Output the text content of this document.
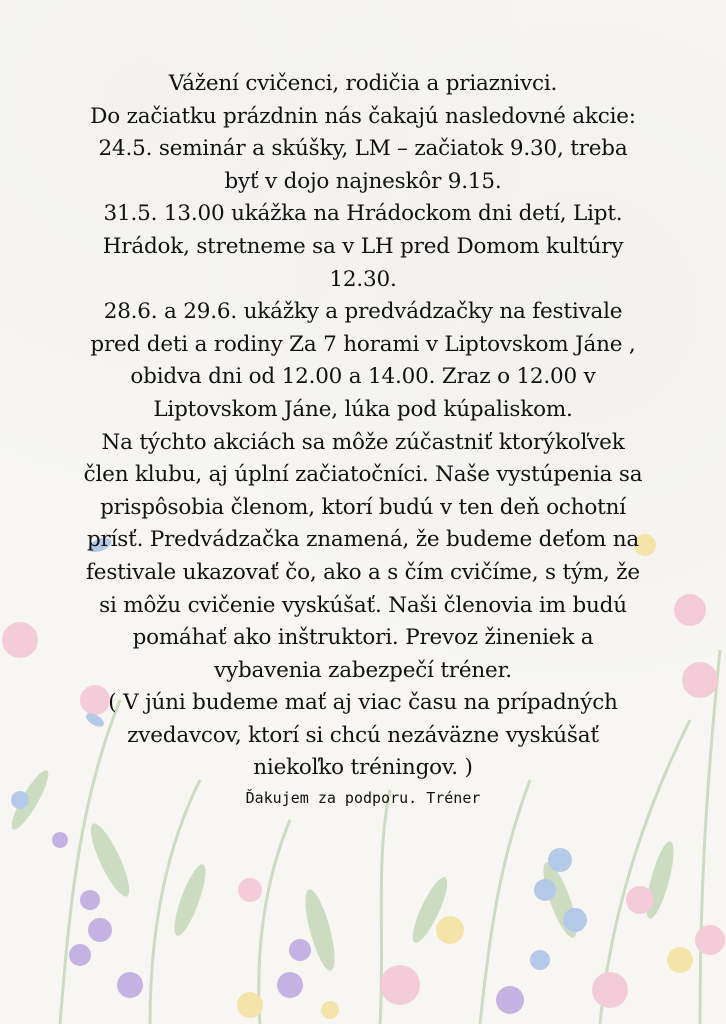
Vážení cvičenci, rodičia a priaznivci.
Do začiatku prázdnin nás čakajú nasledovné akcie:
24.5. seminár a skúšky, LM – začiatok 9.30, treba
byť v dojo najneskôr 9.15.
31.5. 13.00 ukážka na Hrádockom dni detí, Lipt.
Hrádok, stretneme sa v LH pred Domom kultúry
12.30.
28.6. a 29.6. ukážky a predvádzačky na festivale
pred deti a rodiny Za 7 horami v Liptovskom Jáne ,
obidva dni od 12.00 a 14.00. Zraz o 12.00 v
Liptovskom Jáne, lúka pod kúpaliskom.
Na týchto akciách sa môže zúčastniť ktorýkoľvek
člen klubu, aj úplní začiatočníci. Naše vystúpenia sa
prispôsobia členom, ktorí budú v ten deň ochotní
prísť. Predvádzačka znamená, že budeme deťom na
festivale ukazovať čo, ako a s čím cvičíme, s tým, že
si môžu cvičenie vyskúšať. Naši členovia im budú
pomáhať ako inštruktori. Prevoz žineniek a
vybavenia zabezpečí tréner.
( V júni budeme mať aj viac času na prípadných
zvedavcov, ktorí si chcú nezáväzne vyskúšať
niekoľko tréningov. )
Ďakujem za podporu. Tréner
